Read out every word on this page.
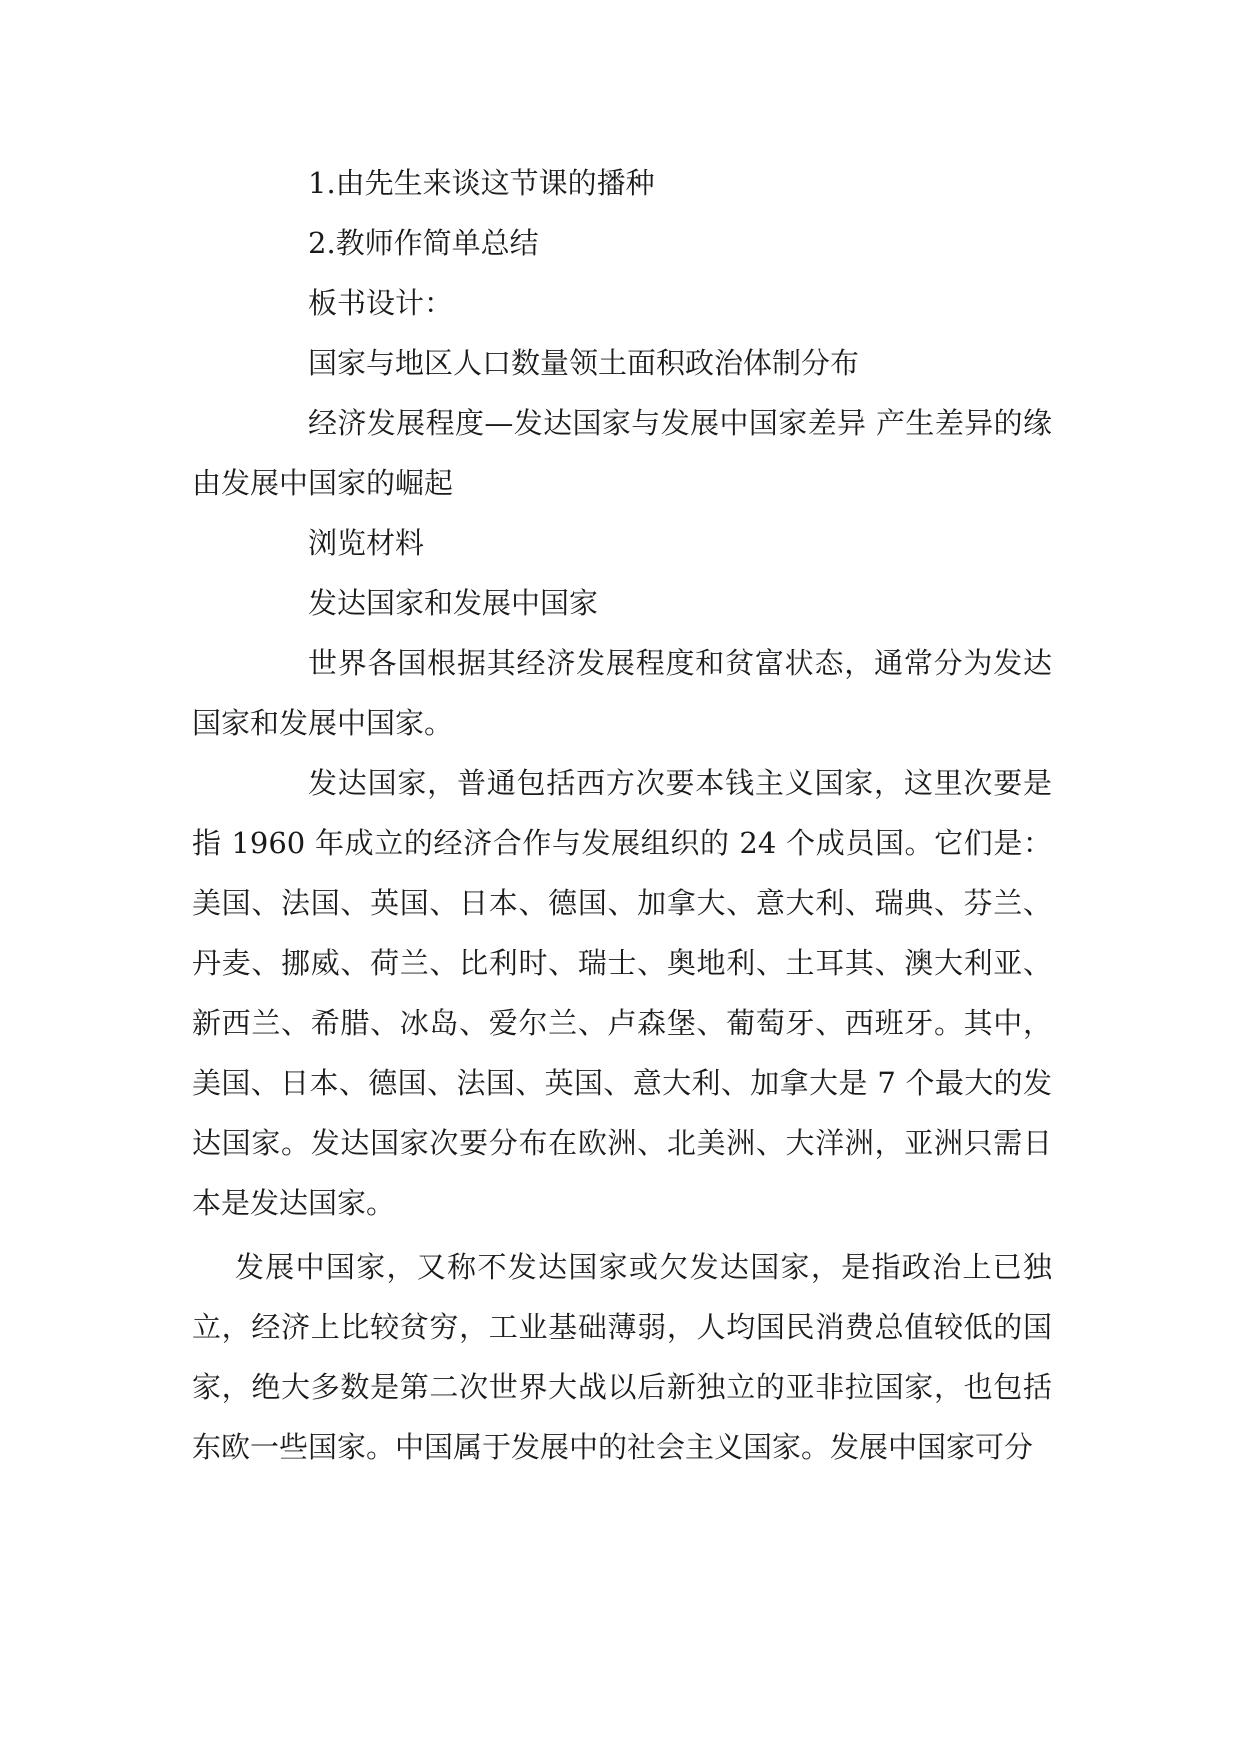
1.由先生来谈这节课的播种

2.教师作简单总结

板书设计：

国家与地区人口数量领土面积政治体制分布

经济发展程度—发达国家与发展中国家差异 产生差异的缘由发展中国家的崛起

浏览材料

发达国家和发展中国家

世界各国根据其经济发展程度和贫富状态，通常分为发达国家和发展中国家。

发达国家，普通包括西方次要本钱主义国家，这里次要是指 1960 年成立的经济合作与发展组织的 24 个成员国。它们是：美国、法国、英国、日本、德国、加拿大、意大利、瑞典、芬兰、丹麦、挪威、荷兰、比利时、瑞士、奥地利、土耳其、澳大利亚、新西兰、希腊、冰岛、爱尔兰、卢森堡、葡萄牙、西班牙。其中，美国、日本、德国、法国、英国、意大利、加拿大是 7 个最大的发达国家。发达国家次要分布在欧洲、北美洲、大洋洲，亚洲只需日本是发达国家。

发展中国家，又称不发达国家或欠发达国家，是指政治上已独立，经济上比较贫穷，工业基础薄弱，人均国民消费总值较低的国家，绝大多数是第二次世界大战以后新独立的亚非拉国家，也包括东欧一些国家。中国属于发展中的社会主义国家。发展中国家可分
